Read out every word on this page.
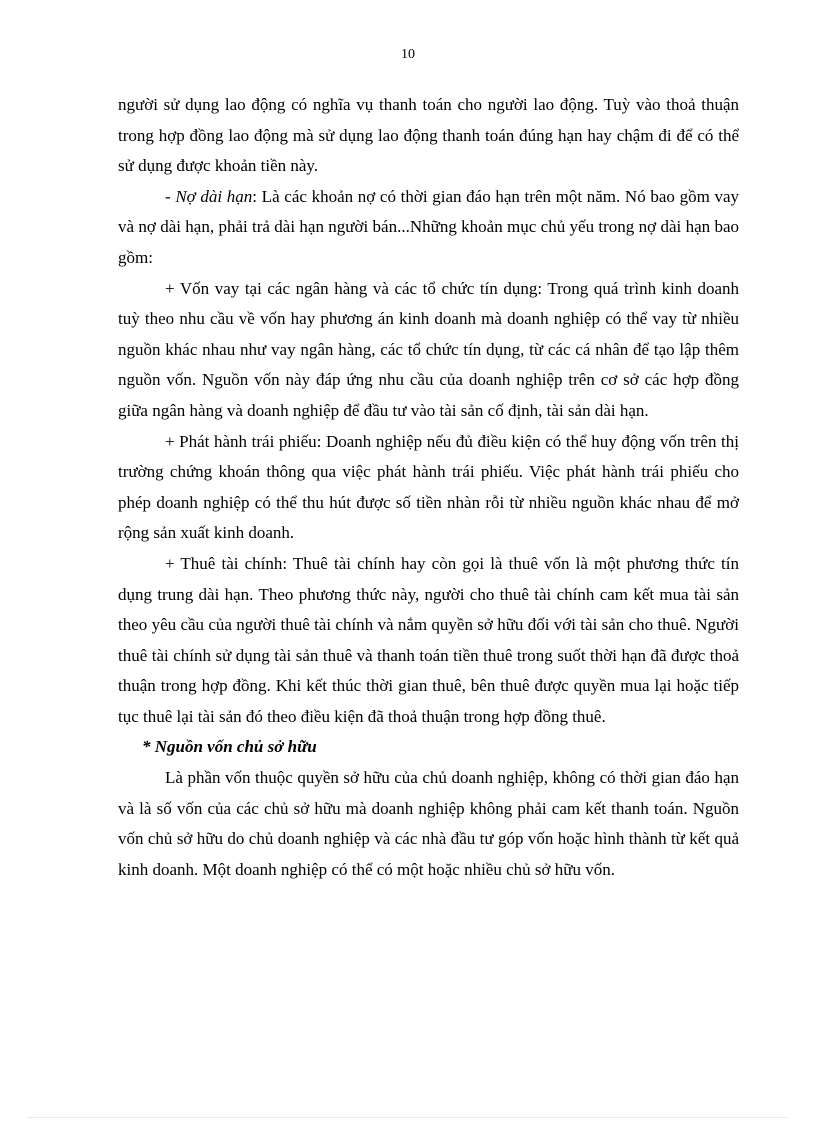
10

người sử dụng lao động có nghĩa vụ thanh toán cho người lao động. Tuỳ vào thoả thuận trong hợp đồng lao động mà sử dụng lao động thanh toán đúng hạn hay chậm đi để có thể sử dụng được khoản tiền này.

- Nợ dài hạn: Là các khoản nợ có thời gian đáo hạn trên một năm. Nó bao gồm vay và nợ dài hạn, phải trả dài hạn người bán...Những khoản mục chủ yếu trong nợ dài hạn bao gồm:

+ Vốn vay tại các ngân hàng và các tổ chức tín dụng: Trong quá trình kinh doanh tuỳ theo nhu cầu về vốn hay phương án kinh doanh mà doanh nghiệp có thể vay từ nhiều nguồn khác nhau như vay ngân hàng, các tổ chức tín dụng, từ các cá nhân để tạo lập thêm nguồn vốn. Nguồn vốn này đáp ứng nhu cầu của doanh nghiệp trên cơ sở các hợp đồng giữa ngân hàng và doanh nghiệp để đầu tư vào tài sản cố định, tài sản dài hạn.

+ Phát hành trái phiếu: Doanh nghiệp nếu đủ điều kiện có thể huy động vốn trên thị trường chứng khoán thông qua việc phát hành trái phiếu. Việc phát hành trái phiếu cho phép doanh nghiệp có thể thu hút được số tiền nhàn rỗi từ nhiều nguồn khác nhau để mở rộng sản xuất kinh doanh.

+ Thuê tài chính: Thuê tài chính hay còn gọi là thuê vốn là một phương thức tín dụng trung dài hạn. Theo phương thức này, người cho thuê tài chính cam kết mua tài sản theo yêu cầu của người thuê tài chính và nắm quyền sở hữu đối với tài sản cho thuê. Người thuê tài chính sử dụng tài sản thuê và thanh toán tiền thuê trong suốt thời hạn đã được thoả thuận trong hợp đồng. Khi kết thúc thời gian thuê, bên thuê được quyền mua lại hoặc tiếp tục thuê lại tài sản đó theo điều kiện đã thoả thuận trong hợp đồng thuê.

* Nguồn vốn chủ sở hữu

Là phần vốn thuộc quyền sở hữu của chủ doanh nghiệp, không có thời gian đáo hạn và là số vốn của các chủ sở hữu mà doanh nghiệp không phải cam kết thanh toán. Nguồn vốn chủ sở hữu do chủ doanh nghiệp và các nhà đầu tư góp vốn hoặc hình thành từ kết quả kinh doanh. Một doanh nghiệp có thể có một hoặc nhiều chủ sở hữu vốn.
